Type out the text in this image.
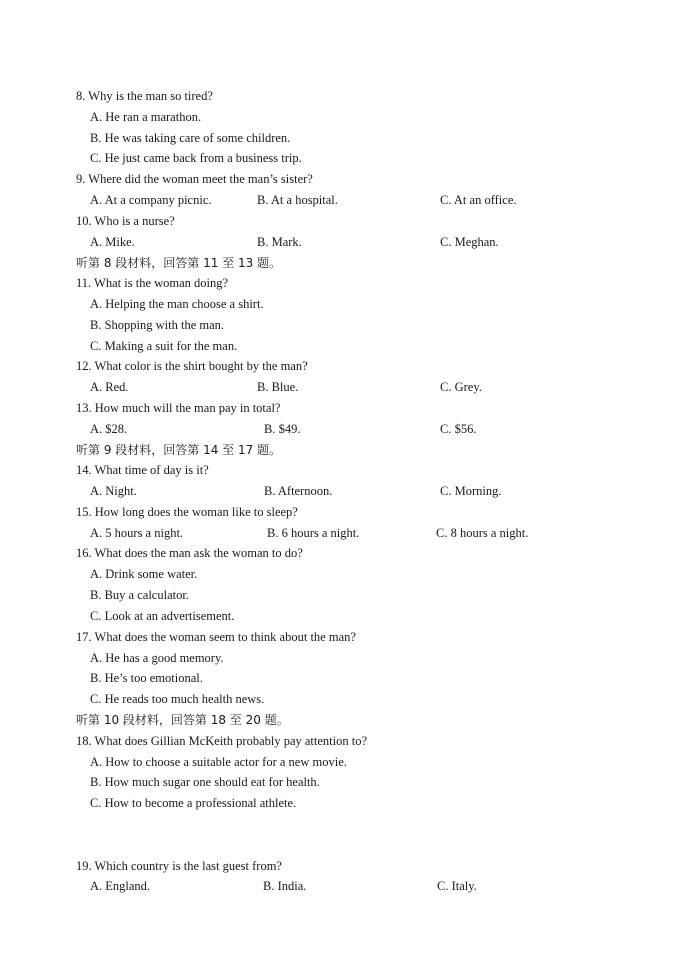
8. Why is the man so tired?
A. He ran a marathon.
B. He was taking care of some children.
C. He just came back from a business trip.
9. Where did the woman meet the man’s sister?
A. At a company picnic.	B. At a hospital.	C. At an office.
10. Who is a nurse?
A. Mike.	B. Mark.	C. Meghan.
听第 8 段材料，回答第 11 至 13 题。
11. What is the woman doing?
A. Helping the man choose a shirt.
B. Shopping with the man.
C. Making a suit for the man.
12. What color is the shirt bought by the man?
A. Red.	B. Blue.	C. Grey.
13. How much will the man pay in total?
A. $28.	B. $49.	C. $56.
听第 9 段材料，回答第 14 至 17 题。
14. What time of day is it?
A. Night.	B. Afternoon.	C. Morning.
15. How long does the woman like to sleep?
A. 5 hours a night.	B. 6 hours a night.	C. 8 hours a night.
16. What does the man ask the woman to do?
A. Drink some water.
B. Buy a calculator.
C. Look at an advertisement.
17. What does the woman seem to think about the man?
A. He has a good memory.
B. He’s too emotional.
C. He reads too much health news.
听第 10 段材料，回答第 18 至 20 题。
18. What does Gillian McKeith probably pay attention to?
A. How to choose a suitable actor for a new movie.
B. How much sugar one should eat for health.
C. How to become a professional athlete.
19. Which country is the last guest from?
A. England.	B. India.	C. Italy.
